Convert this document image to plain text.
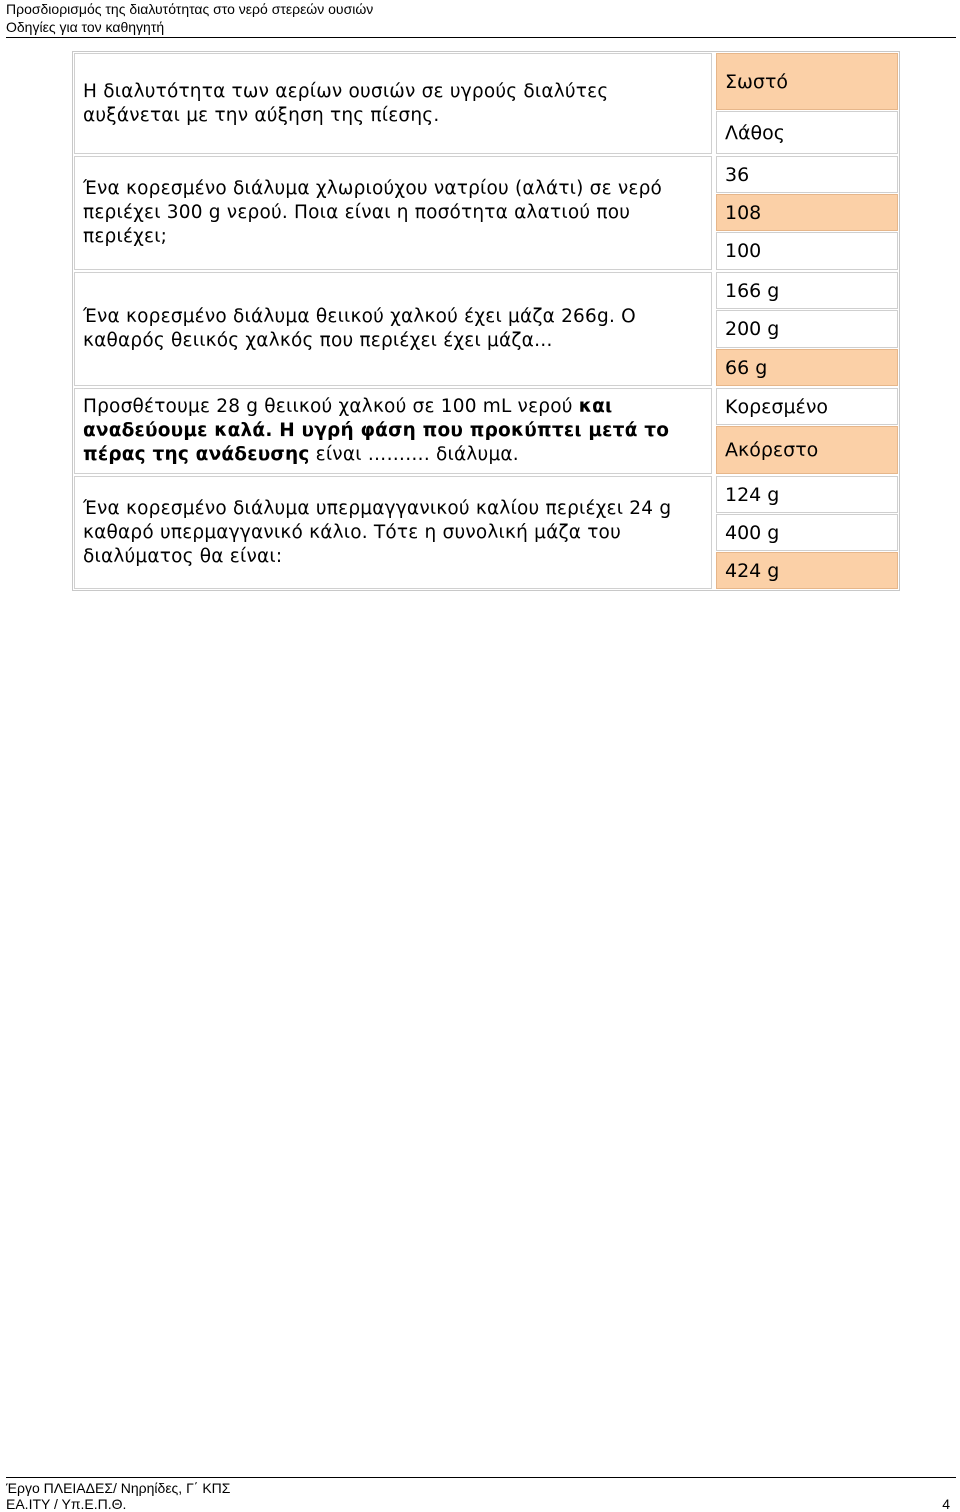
Προσδιορισμός της διαλυτότητας στο νερό στερεών ουσιών
Οδηγίες για τον καθηγητή
Η διαλυτότητα των αερίων ουσιών σε υγρούς διαλύτες αυξάνεται με την αύξηση της πίεσης.
Σωστό
Λάθος
Ένα κορεσμένο διάλυμα χλωριούχου νατρίου (αλάτι) σε νερό περιέχει 300 g νερού. Ποια είναι η ποσότητα αλατιού που περιέχει;
36
108
100
Ένα κορεσμένο διάλυμα θειικού χαλκού έχει μάζα 266g. Ο καθαρός θειικός χαλκός που περιέχει έχει μάζα…
166 g
200 g
66 g
Προσθέτουμε 28 g θειικού χαλκού σε 100 mL νερού και αναδεύουμε καλά. Η υγρή φάση που προκύπτει μετά το πέρας της ανάδευσης είναι ………. διάλυμα.
Κορεσμένο
Ακόρεστο
Ένα κορεσμένο διάλυμα υπερμαγγανικού καλίου περιέχει 24 g καθαρό υπερμαγγανικό κάλιο. Τότε η συνολική μάζα του διαλύματος θα είναι:
124 g
400 g
424 g
Έργο ΠΛΕΙΑΔΕΣ/ Νηρηίδες, Γ΄ ΚΠΣ
ΕΑ.ΙΤΥ / Υπ.Ε.Π.Θ.	4
